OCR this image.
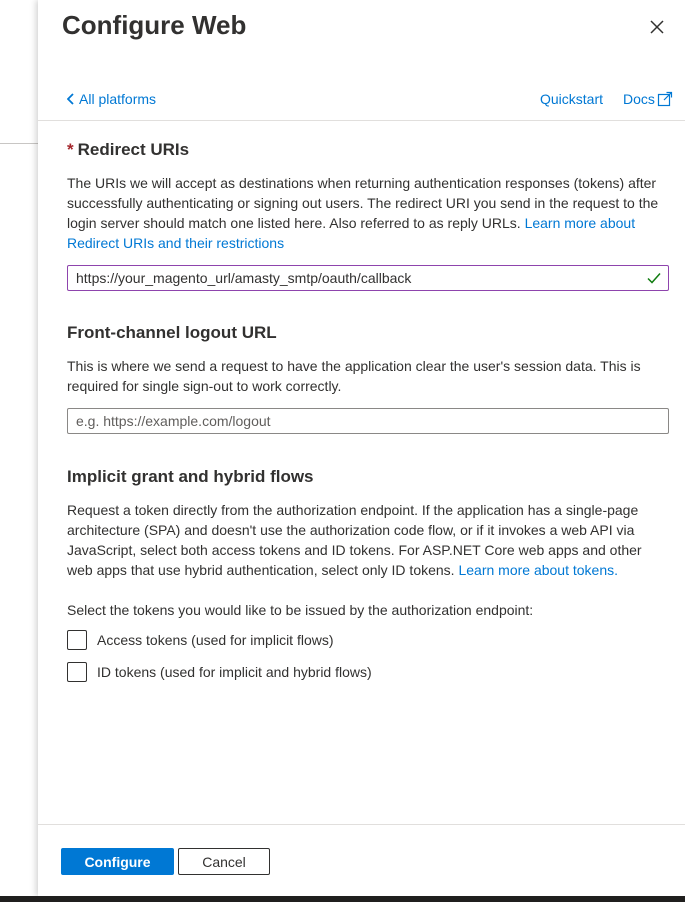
Configure Web
All platforms	Quickstart Docs
* Redirect URIs

The URIs we will accept as destinations when returning authentication responses (tokens) after successfully authenticating or signing out users. The redirect URI you send in the request to the login server should match one listed here. Also referred to as reply URLs. Learn more about Redirect URIs and their restrictions

https://your_magento_url/amasty_smtp/oauth/callback
Front-channel logout URL

This is where we send a request to have the application clear the user's session data. This is required for single sign-out to work correctly.

e.g. https://example.com/logout
Implicit grant and hybrid flows

Request a token directly from the authorization endpoint. If the application has a single-page architecture (SPA) and doesn't use the authorization code flow, or if it invokes a web API via JavaScript, select both access tokens and ID tokens. For ASP.NET Core web apps and other web apps that use hybrid authentication, select only ID tokens. Learn more about tokens.

Select the tokens you would like to be issued by the authorization endpoint:

Access tokens (used for implicit flows)
ID tokens (used for implicit and hybrid flows)
Configure	Cancel
